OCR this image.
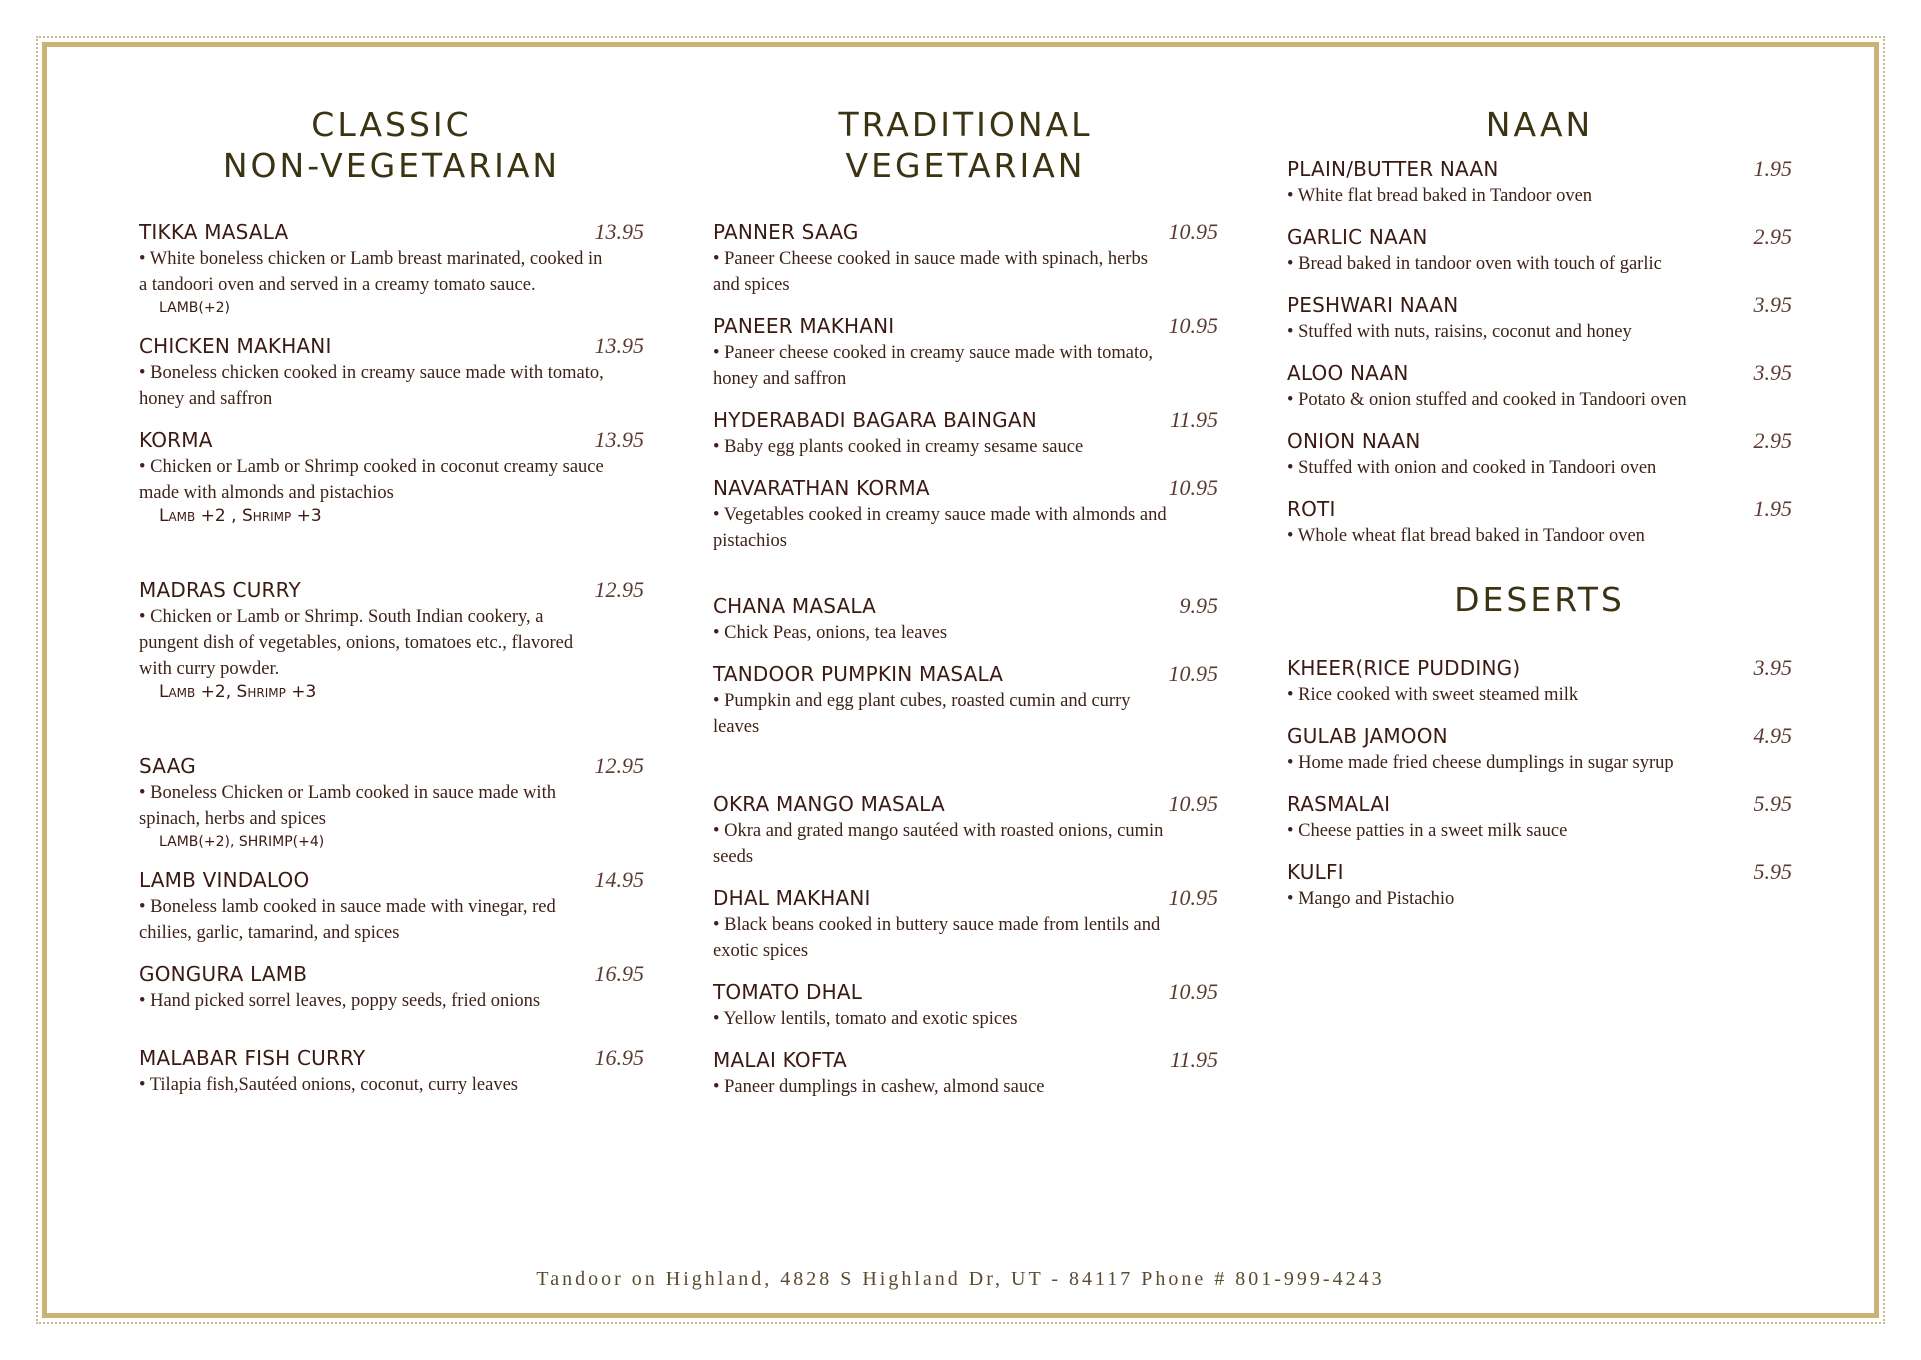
CLASSIC
NON-VEGETARIAN
TIKKA MASALA	13.95
• White boneless chicken or Lamb breast marinated, cooked in a tandoori oven and served in a creamy tomato sauce.
LAMB(+2)
CHICKEN MAKHANI	13.95
• Boneless chicken cooked in creamy sauce made with tomato, honey and saffron
KORMA	13.95
• Chicken or Lamb or Shrimp cooked in coconut creamy sauce made with almonds and pistachios
Lamb +2 , Shrimp +3
MADRAS CURRY	12.95
• Chicken or Lamb or Shrimp. South Indian cookery, a pungent dish of vegetables, onions, tomatoes etc., flavored with curry powder.
Lamb +2, Shrimp +3
SAAG	12.95
• Boneless Chicken or Lamb cooked in sauce made with spinach, herbs and spices
LAMB(+2), SHRIMP(+4)
LAMB VINDALOO	14.95
• Boneless lamb cooked in sauce made with vinegar, red chilies, garlic, tamarind, and spices
GONGURA LAMB	16.95
• Hand picked sorrel leaves, poppy seeds, fried onions
MALABAR FISH CURRY	16.95
• Tilapia fish,Sautéed onions, coconut, curry leaves
TRADITIONAL
VEGETARIAN
PANNER SAAG	10.95
• Paneer Cheese cooked in sauce made with spinach, herbs and spices
PANEER MAKHANI	10.95
• Paneer cheese cooked in creamy sauce made with tomato, honey and saffron
HYDERABADI BAGARA BAINGAN	11.95
• Baby egg plants cooked in creamy sesame sauce
NAVARATHAN KORMA	10.95
• Vegetables cooked in creamy sauce made with almonds and pistachios
CHANA MASALA	9.95
• Chick Peas, onions, tea leaves
TANDOOR PUMPKIN MASALA	10.95
• Pumpkin and egg plant cubes, roasted cumin and curry leaves
OKRA MANGO MASALA	10.95
• Okra and grated mango sautéed with roasted onions, cumin seeds
DHAL MAKHANI	10.95
• Black beans cooked in buttery sauce made from lentils and exotic spices
TOMATO DHAL	10.95
• Yellow lentils, tomato and exotic spices
MALAI KOFTA	11.95
• Paneer dumplings in cashew, almond sauce
NAAN
PLAIN/BUTTER NAAN	1.95
• White flat bread baked in Tandoor oven
GARLIC NAAN	2.95
• Bread baked in tandoor oven with touch of garlic
PESHWARI NAAN	3.95
• Stuffed with nuts, raisins, coconut and honey
ALOO NAAN	3.95
• Potato & onion stuffed and cooked in Tandoori oven
ONION NAAN	2.95
• Stuffed with onion and cooked in Tandoori oven
ROTI	1.95
• Whole wheat flat bread baked in Tandoor oven
DESERTS
KHEER(RICE PUDDING)	3.95
• Rice cooked with sweet steamed milk
GULAB JAMOON	4.95
• Home made fried cheese dumplings in sugar syrup
RASMALAI	5.95
• Cheese patties in a sweet milk sauce
KULFI	5.95
• Mango and Pistachio
Tandoor on Highland, 4828 S Highland Dr, UT - 84117 Phone # 801-999-4243
